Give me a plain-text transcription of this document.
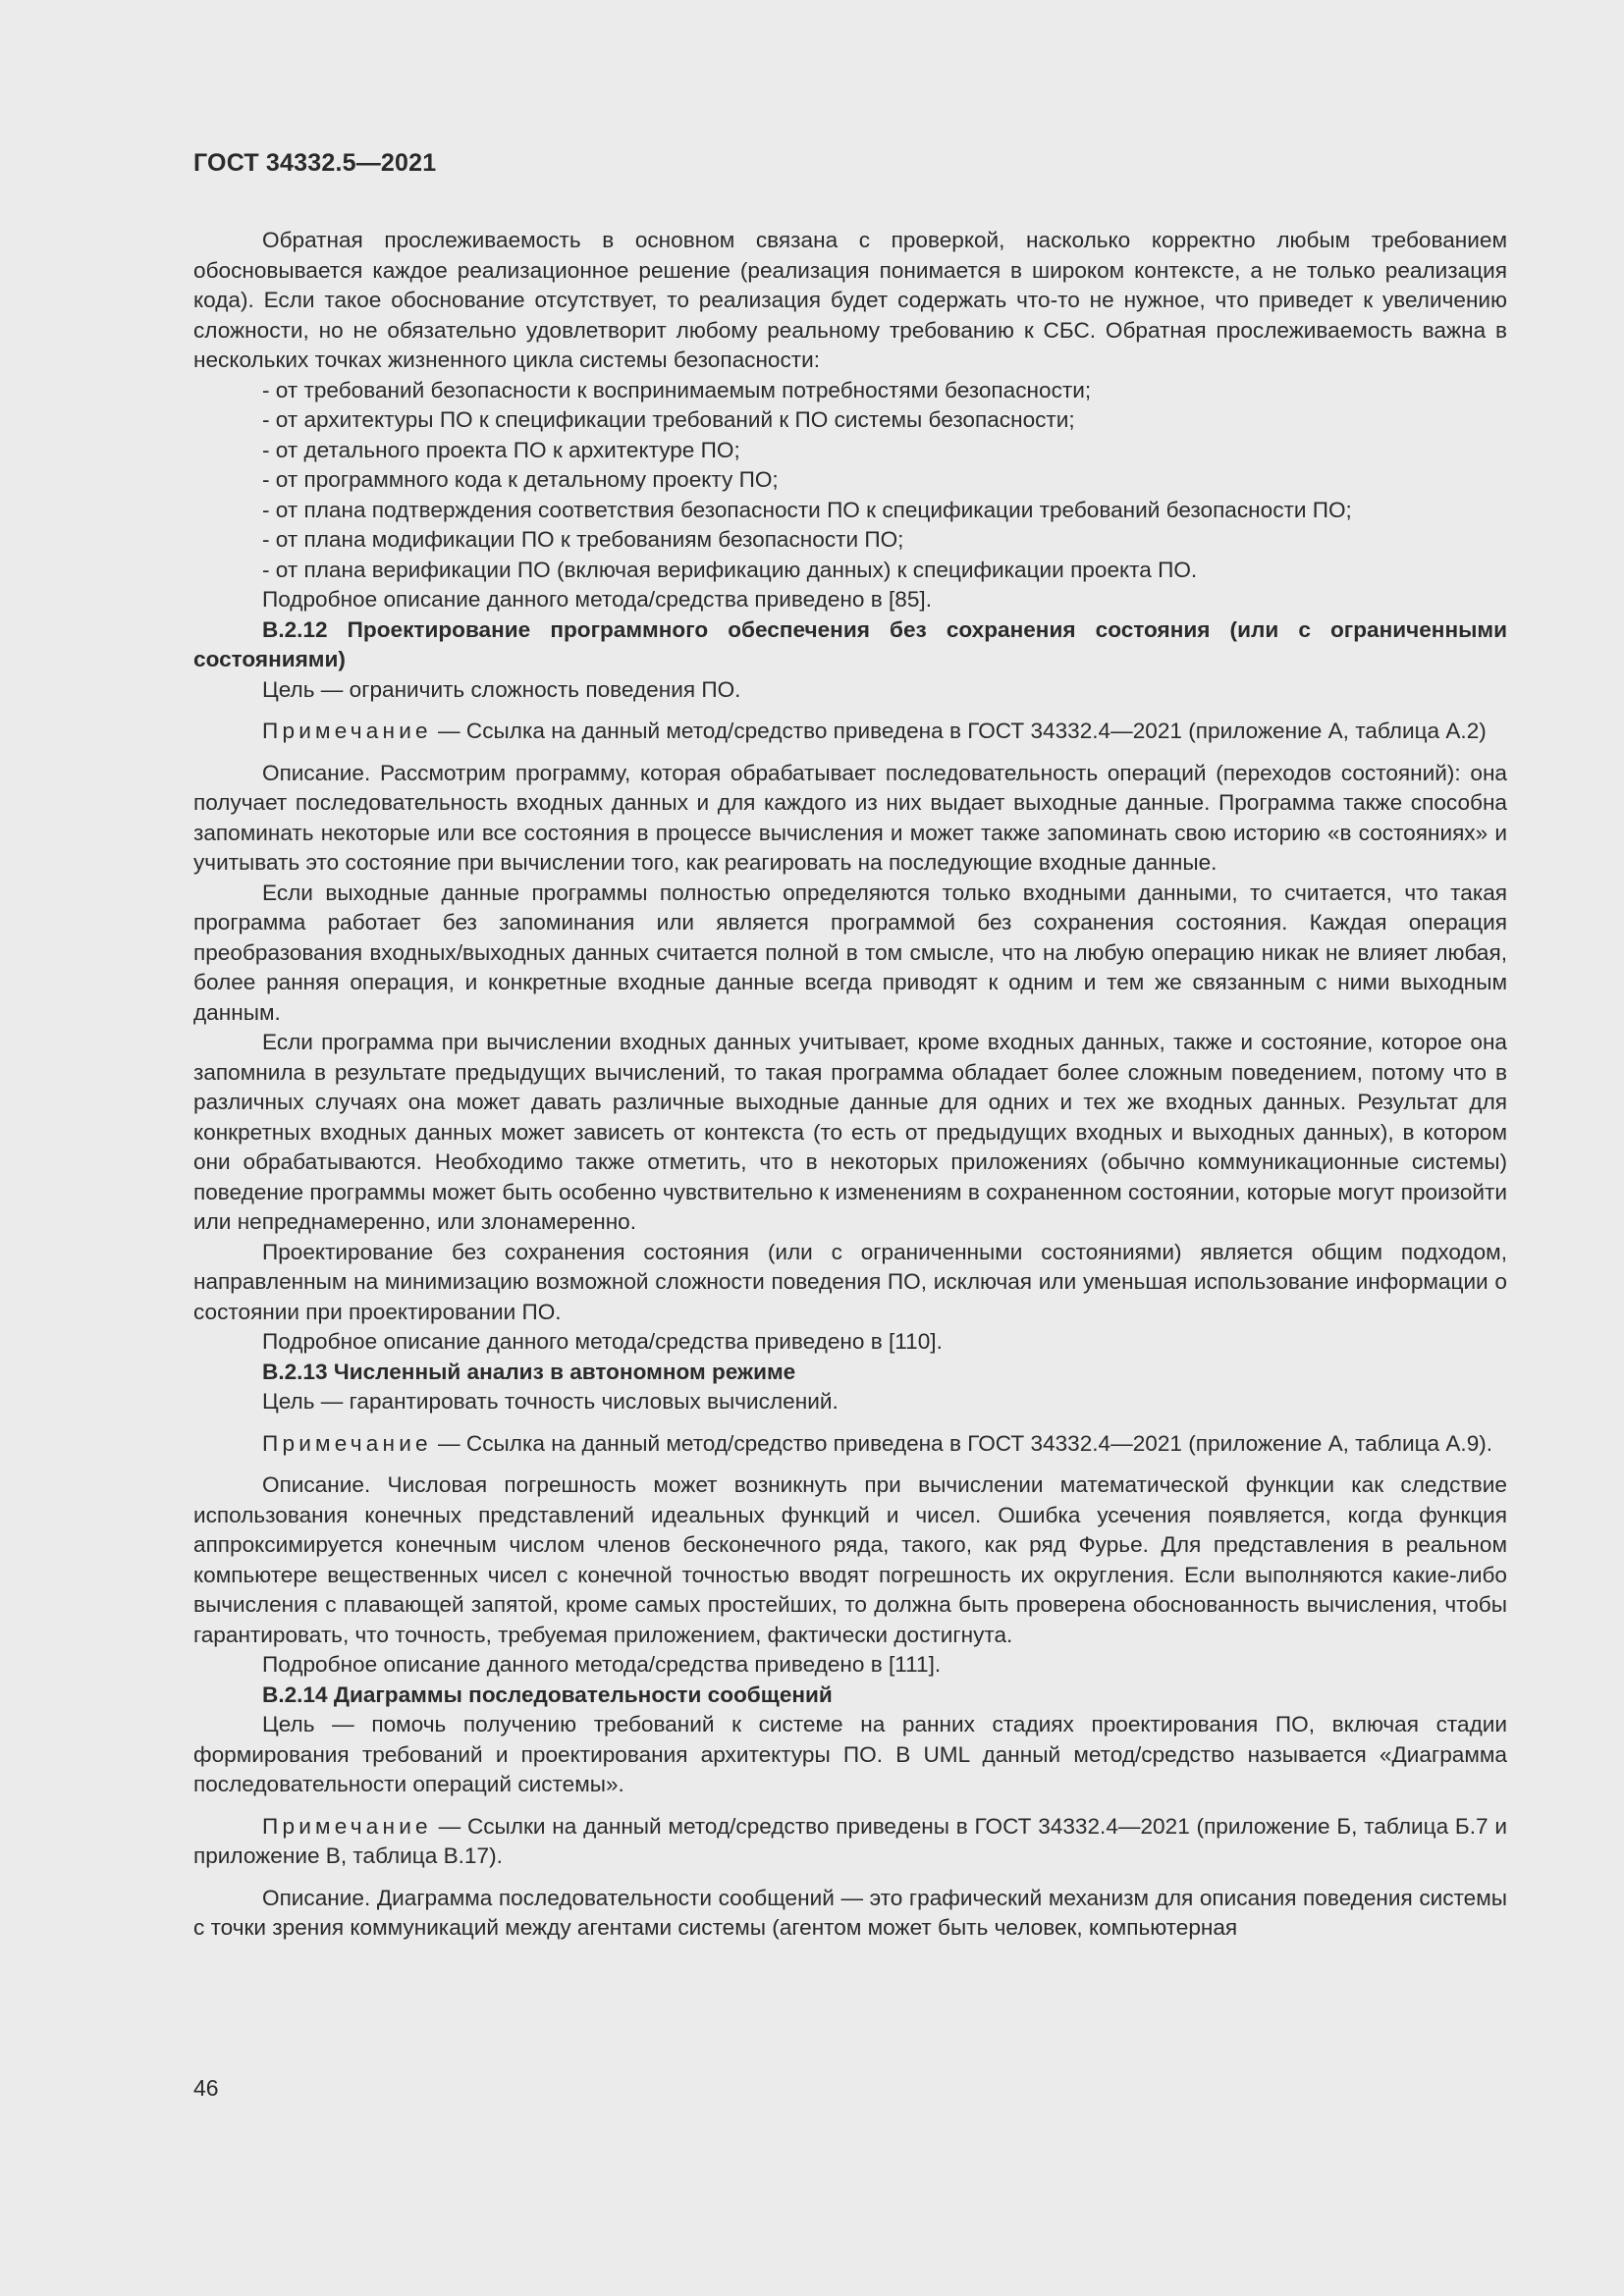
ГОСТ 34332.5—2021

Обратная прослеживаемость в основном связана с проверкой, насколько корректно любым требованием обосновывается каждое реализационное решение (реализация понимается в широком контексте, а не только реализация кода). Если такое обоснование отсутствует, то реализация будет содержать что-то не нужное, что приведет к увеличению сложности, но не обязательно удовлетворит любому реальному требованию к СБС. Обратная прослеживаемость важна в нескольких точках жизненного цикла системы безопасности:

- от требований безопасности к воспринимаемым потребностями безопасности;
- от архитектуры ПО к спецификации требований к ПО системы безопасности;
- от детального проекта ПО к архитектуре ПО;
- от программного кода к детальному проекту ПО;
- от плана подтверждения соответствия безопасности ПО к спецификации требований безопасности ПО;
- от плана модификации ПО к требованиям безопасности ПО;
- от плана верификации ПО (включая верификацию данных) к спецификации проекта ПО.

Подробное описание данного метода/средства приведено в [85].

В.2.12 Проектирование программного обеспечения без сохранения состояния (или с ограниченными состояниями)

Цель — ограничить сложность поведения ПО.

Примечание — Ссылка на данный метод/средство приведена в ГОСТ 34332.4—2021 (приложение А, таблица А.2)

Описание. Рассмотрим программу, которая обрабатывает последовательность операций (переходов состояний): она получает последовательность входных данных и для каждого из них выдает выходные данные. Программа также способна запоминать некоторые или все состояния в процессе вычисления и может также запоминать свою историю «в состояниях» и учитывать это состояние при вычислении того, как реагировать на последующие входные данные.

Если выходные данные программы полностью определяются только входными данными, то считается, что такая программа работает без запоминания или является программой без сохранения состояния. Каждая операция преобразования входных/выходных данных считается полной в том смысле, что на любую операцию никак не влияет любая, более ранняя операция, и конкретные входные данные всегда приводят к одним и тем же связанным с ними выходным данным.

Если программа при вычислении входных данных учитывает, кроме входных данных, также и состояние, которое она запомнила в результате предыдущих вычислений, то такая программа обладает более сложным поведением, потому что в различных случаях она может давать различные выходные данные для одних и тех же входных данных. Результат для конкретных входных данных может зависеть от контекста (то есть от предыдущих входных и выходных данных), в котором они обрабатываются. Необходимо также отметить, что в некоторых приложениях (обычно коммуникационные системы) поведение программы может быть особенно чувствительно к изменениям в сохраненном состоянии, которые могут произойти или непреднамеренно, или злонамеренно.

Проектирование без сохранения состояния (или с ограниченными состояниями) является общим подходом, направленным на минимизацию возможной сложности поведения ПО, исключая или уменьшая использование информации о состоянии при проектировании ПО.

Подробное описание данного метода/средства приведено в [110].

В.2.13 Численный анализ в автономном режиме

Цель — гарантировать точность числовых вычислений.

Примечание — Ссылка на данный метод/средство приведена в ГОСТ 34332.4—2021 (приложение А, таблица А.9).

Описание. Числовая погрешность может возникнуть при вычислении математической функции как следствие использования конечных представлений идеальных функций и чисел. Ошибка усечения появляется, когда функция аппроксимируется конечным числом членов бесконечного ряда, такого, как ряд Фурье. Для представления в реальном компьютере вещественных чисел с конечной точностью вводят погрешность их округления. Если выполняются какие-либо вычисления с плавающей запятой, кроме самых простейших, то должна быть проверена обоснованность вычисления, чтобы гарантировать, что точность, требуемая приложением, фактически достигнута.

Подробное описание данного метода/средства приведено в [111].

В.2.14 Диаграммы последовательности сообщений

Цель — помочь получению требований к системе на ранних стадиях проектирования ПО, включая стадии формирования требований и проектирования архитектуры ПО. В UML данный метод/средство называется «Диаграмма последовательности операций системы».

Примечание — Ссылки на данный метод/средство приведены в ГОСТ 34332.4—2021 (приложение Б, таблица Б.7 и приложение В, таблица В.17).

Описание. Диаграмма последовательности сообщений — это графический механизм для описания поведения системы с точки зрения коммуникаций между агентами системы (агентом может быть человек, компьютерная

46
